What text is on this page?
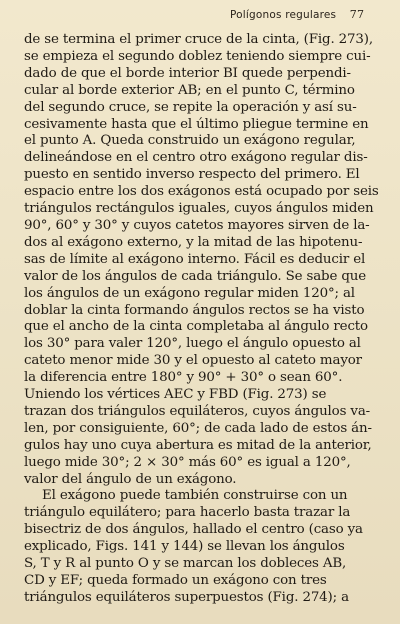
Polígonos regulares 77
de se termina el primer cruce de la cinta, (Fig. 273),
se empieza el segundo doblez teniendo siempre cui-
dado de que el borde interior BI quede perpendi-
cular al borde exterior AB; en el punto C, término
del segundo cruce, se repite la operación y así su-
cesivamente hasta que el último pliegue termine en
el punto A. Queda construido un exágono regular,
delineándose en el centro otro exágono regular dis-
puesto en sentido inverso respecto del primero. El
espacio entre los dos exágonos está ocupado por seis
triángulos rectángulos iguales, cuyos ángulos miden
90°, 60° y 30° y cuyos catetos mayores sirven de la-
dos al exágono externo, y la mitad de las hipotenu-
sas de límite al exágono interno. Fácil es deducir el
valor de los ángulos de cada triángulo. Se sabe que
los ángulos de un exágono regular miden 120°; al
doblar la cinta formando ángulos rectos se ha visto
que el ancho de la cinta completaba al ángulo recto
los 30° para valer 120°, luego el ángulo opuesto al
cateto menor mide 30 y el opuesto al cateto mayor
la diferencia entre 180° y 90° + 30° o sean 60°.
Uniendo los vértices AEC y FBD (Fig. 273) se
trazan dos triángulos equiláteros, cuyos ángulos va-
len, por consiguiente, 60°; de cada lado de estos án-
gulos hay uno cuya abertura es mitad de la anterior,
luego mide 30°; 2 × 30° más 60° es igual a 120°,
valor del ángulo de un exágono.
El exágono puede también construirse con un
triángulo equilátero; para hacerlo basta trazar la
bisectriz de dos ángulos, hallado el centro (caso ya
explicado, Figs. 141 y 144) se llevan los ángulos
S, T y R al punto O y se marcan los dobleces AB,
CD y EF; queda formado un exágono con tres
triángulos equiláteros superpuestos (Fig. 274); a
